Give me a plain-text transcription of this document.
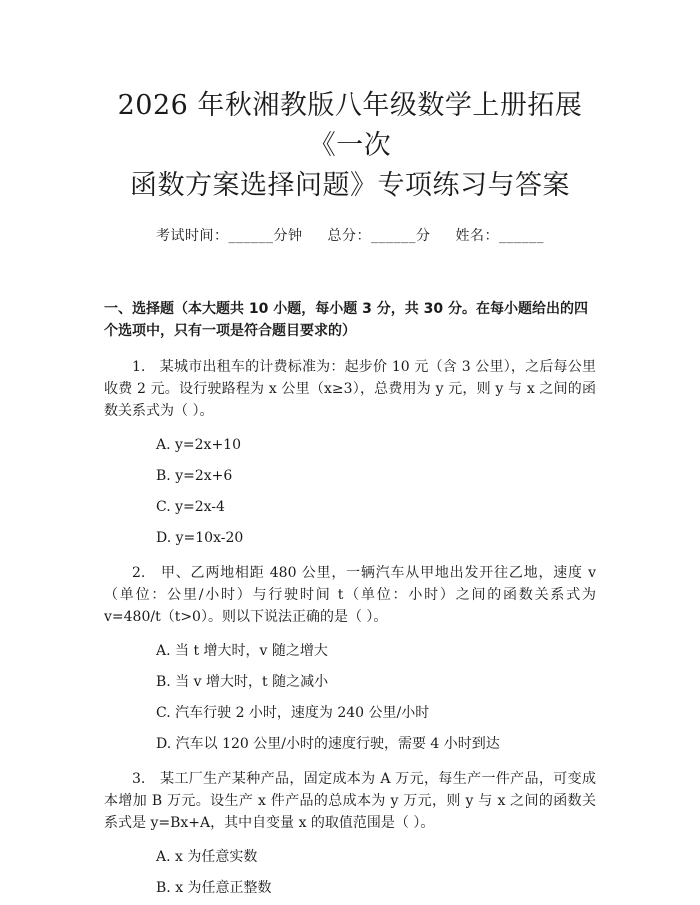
2026 年秋湘教版八年级数学上册拓展《一次
函数方案选择问题》专项练习与答案
考试时间：______分钟 总分：______分 姓名：______
一、选择题（本大题共 10 小题，每小题 3 分，共 30 分。在每小题给出的四个选项中，只有一项是符合题目要求的）
1.　某城市出租车的计费标准为：起步价 10 元（含 3 公里），之后每公里收费 2 元。设行驶路程为 x 公里（x≥3），总费用为 y 元，则 y 与 x 之间的函数关系式为（ ）。
A. y=2x+10
B. y=2x+6
C. y=2x-4
D. y=10x-20
2.　甲、乙两地相距 480 公里，一辆汽车从甲地出发开往乙地，速度 v（单位：公里/小时）与行驶时间 t（单位：小时）之间的函数关系式为 v=480/t（t>0）。则以下说法正确的是（ ）。
A. 当 t 增大时，v 随之增大
B. 当 v 增大时，t 随之减小
C. 汽车行驶 2 小时，速度为 240 公里/小时
D. 汽车以 120 公里/小时的速度行驶，需要 4 小时到达
3.　某工厂生产某种产品，固定成本为 A 万元，每生产一件产品，可变成本增加 B 万元。设生产 x 件产品的总成本为 y 万元，则 y 与 x 之间的函数关系式是 y=Bx+A，其中自变量 x 的取值范围是（ ）。
A. x 为任意实数
B. x 为任意正整数
